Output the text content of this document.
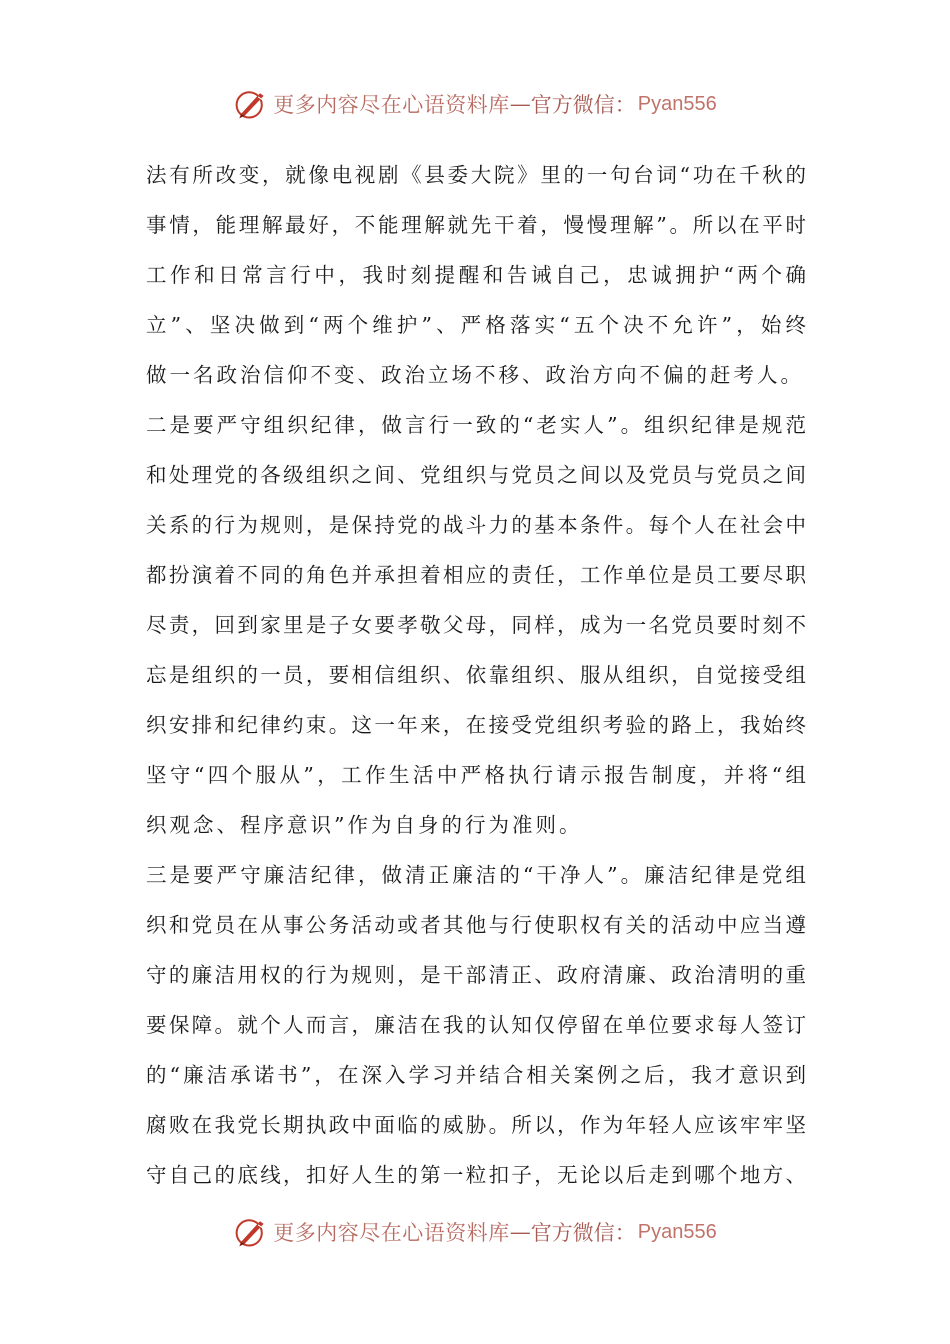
更多内容尽在心语资料库 — 官方微信： Pyan556
法有所改变，就像电视剧《县委大院》里的一句台词“功在千秋的
事情，能理解最好，不能理解就先干着，慢慢理解”。所以在平时
工作和日常言行中，我时刻提醒和告诫自己，忠诚拥护“两个确
立”、坚决做到“两个维护”、严格落实“五个决不允许”，始终
做一名政治信仰不变、政治立场不移、政治方向不偏的赶考人。
二是要严守组织纪律，做言行一致的“老实人”。组织纪律是规范
和处理党的各级组织之间、党组织与党员之间以及党员与党员之间
关系的行为规则，是保持党的战斗力的基本条件。每个人在社会中
都扮演着不同的角色并承担着相应的责任，工作单位是员工要尽职
尽责，回到家里是子女要孝敬父母，同样，成为一名党员要时刻不
忘是组织的一员，要相信组织、依靠组织、服从组织，自觉接受组
织安排和纪律约束。这一年来，在接受党组织考验的路上，我始终
坚守“四个服从”，工作生活中严格执行请示报告制度，并将“组
织观念、程序意识”作为自身的行为准则。
三是要严守廉洁纪律，做清正廉洁的“干净人”。廉洁纪律是党组
织和党员在从事公务活动或者其他与行使职权有关的活动中应当遵
守的廉洁用权的行为规则，是干部清正、政府清廉、政治清明的重
要保障。就个人而言，廉洁在我的认知仅停留在单位要求每人签订
的“廉洁承诺书”，在深入学习并结合相关案例之后，我才意识到
腐败在我党长期执政中面临的威胁。所以，作为年轻人应该牢牢坚
守自己的底线，扣好人生的第一粒扣子，无论以后走到哪个地方、
更多内容尽在心语资料库 — 官方微信： Pyan556
